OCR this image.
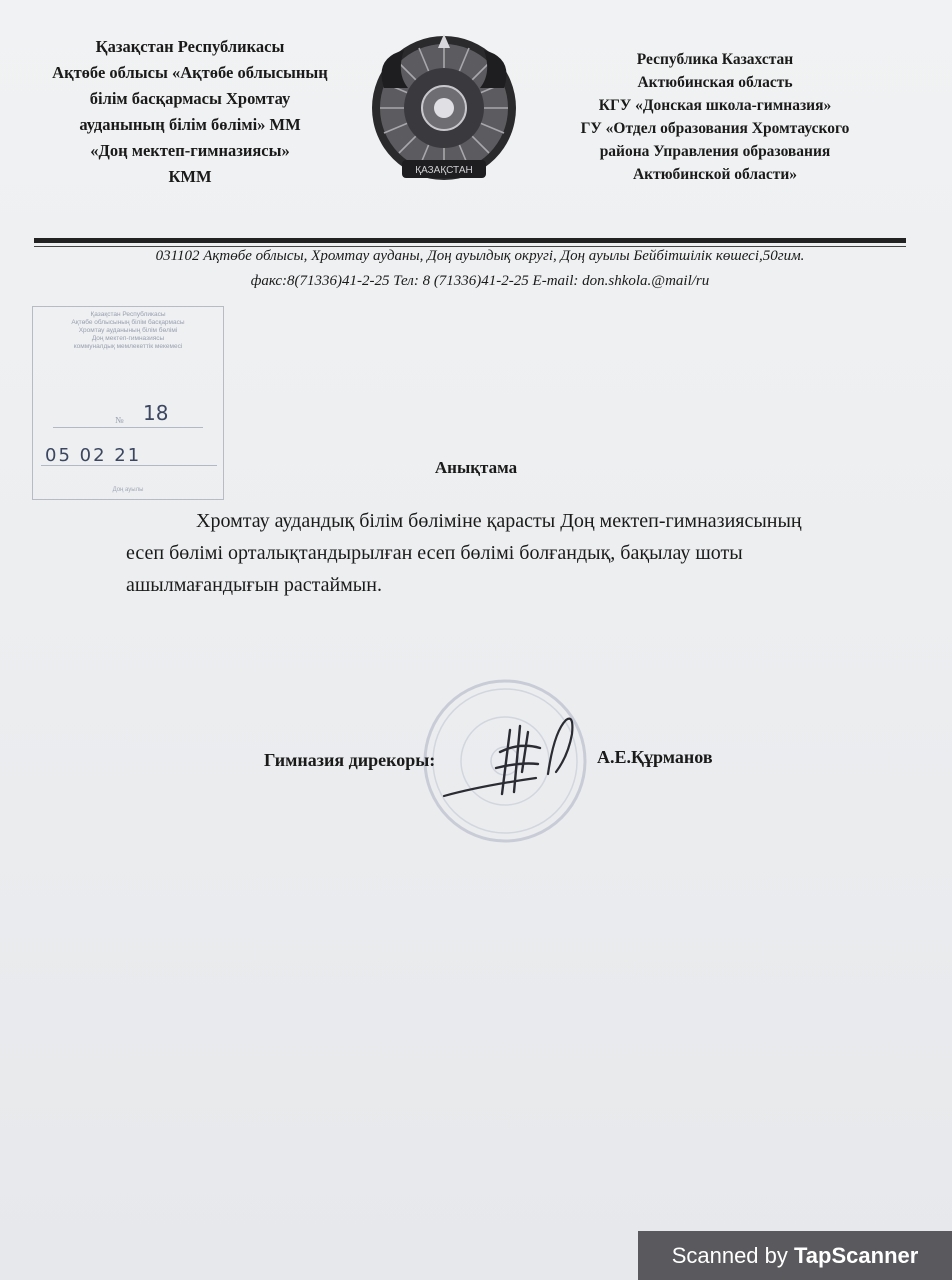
Қазақстан Республикасы
Ақтөбе облысы «Ақтөбе облысының
білім басқармасы Хромтау
ауданының білім бөлімі» ММ
«Доң мектеп-гимназиясы»
КММ	ҚАЗАҚСТАН
Республика Казахстан
Актюбинская область
КГУ «Донская школа-гимназия»
ГУ «Отдел образования Хромтауского
района Управления образования
Актюбинской области»
031102 Ақтөбе облысы, Хромтау ауданы, Доң ауылдық округі, Доң ауылы Бейбітшілік көшесі,50гим.
факс:8(71336)41-2-25 Тел: 8 (71336)41-2-25 E-mail: don.shkola.@mail/ru
Қазақстан Республикасы
Ақтөбе облысының білім басқармасы
Хромтау ауданының білім бөлімі
Доң мектеп-гимназиясы
коммуналдық мемлекеттік мекемесі
№ 18
05 02 21
Доң ауылы
Анықтама
Хромтау аудандық білім бөліміне қарасты Доң мектеп-гимназиясының
есеп бөлімі орталықтандырылған есеп бөлімі болғандық, бақылау шоты
ашылмағандығын растаймын.
Гимназия дирекоры:	А.Е.Құрманов
Scanned by TapScanner
